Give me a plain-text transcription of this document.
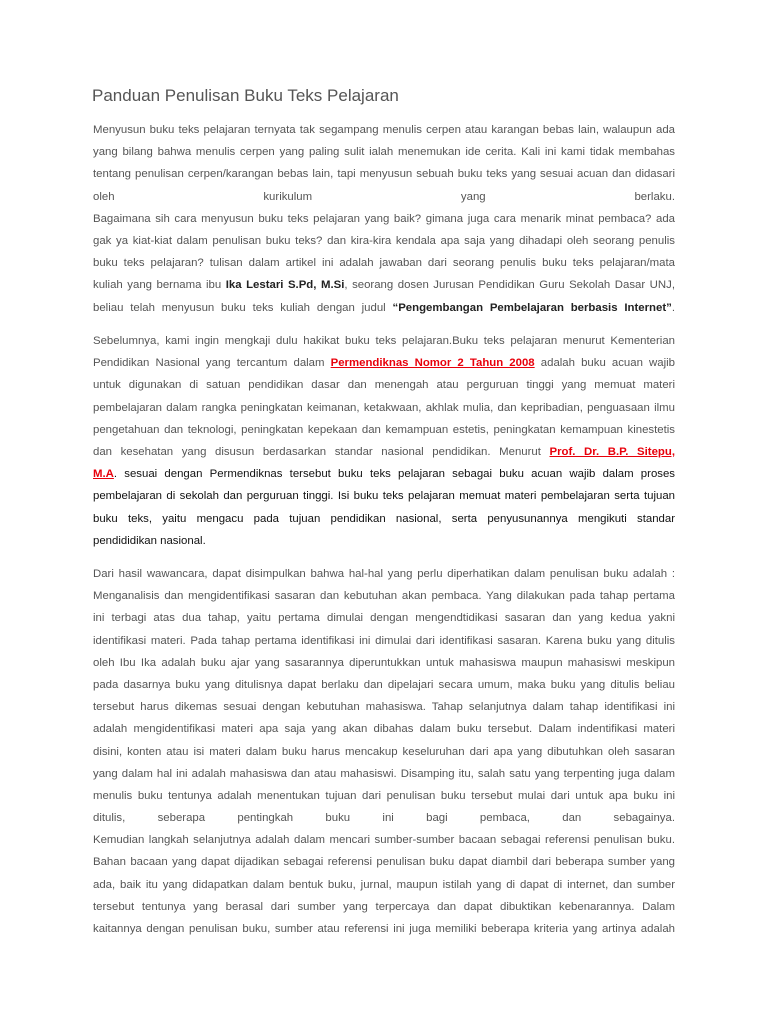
Panduan Penulisan Buku Teks Pelajaran
Menyusun buku teks pelajaran ternyata tak segampang menulis cerpen atau karangan bebas lain, walaupun ada
yang bilang bahwa menulis cerpen yang paling sulit ialah menemukan ide cerita. Kali ini kami tidak membahas
tentang penulisan cerpen/karangan bebas lain, tapi menyusun sebuah buku teks yang sesuai acuan dan didasari
oleh kurikulum yang berlaku.
Bagaimana sih cara menyusun buku teks pelajaran yang baik? gimana juga cara menarik minat pembaca? ada
gak ya kiat-kiat dalam penulisan buku teks? dan kira-kira kendala apa saja yang dihadapi oleh seorang penulis
buku teks pelajaran? tulisan dalam artikel ini adalah jawaban dari seorang penulis buku teks pelajaran/mata
kuliah yang bernama ibu Ika Lestari S.Pd, M.Si, seorang dosen Jurusan Pendidikan Guru Sekolah Dasar UNJ,
beliau telah menyusun buku teks kuliah dengan judul “Pengembangan Pembelajaran berbasis Internet”.
Sebelumnya, kami ingin mengkaji dulu hakikat buku teks pelajaran.Buku teks pelajaran menurut Kementerian
Pendidikan Nasional yang tercantum dalam Permendiknas Nomor 2 Tahun 2008 adalah buku acuan wajib
untuk digunakan di satuan pendidikan dasar dan menengah atau perguruan tinggi yang memuat materi
pembelajaran dalam rangka peningkatan keimanan, ketakwaan, akhlak mulia, dan kepribadian, penguasaan ilmu
pengetahuan dan teknologi, peningkatan kepekaan dan kemampuan estetis, peningkatan kemampuan kinestetis
dan kesehatan yang disusun berdasarkan standar nasional pendidikan. Menurut Prof. Dr. B.P. Sitepu,
M.A. sesuai dengan Permendiknas tersebut buku teks pelajaran sebagai buku acuan wajib dalam proses
pembelajaran di sekolah dan perguruan tinggi. Isi buku teks pelajaran memuat materi pembelajaran serta tujuan
buku teks, yaitu mengacu pada tujuan pendidikan nasional, serta penyusunannya mengikuti standar
pendididikan nasional.
Dari hasil wawancara, dapat disimpulkan bahwa hal-hal yang perlu diperhatikan dalam penulisan buku adalah :
Menganalisis dan mengidentifikasi sasaran dan kebutuhan akan pembaca. Yang dilakukan pada tahap pertama
ini terbagi atas dua tahap, yaitu pertama dimulai dengan mengendtidikasi sasaran dan yang kedua yakni
identifikasi materi. Pada tahap pertama identifikasi ini dimulai dari identifikasi sasaran. Karena buku yang ditulis
oleh Ibu Ika adalah buku ajar yang sasarannya diperuntukkan untuk mahasiswa maupun mahasiswi meskipun
pada dasarnya buku yang ditulisnya dapat berlaku dan dipelajari secara umum, maka buku yang ditulis beliau
tersebut harus dikemas sesuai dengan kebutuhan mahasiswa. Tahap selanjutnya dalam tahap identifikasi ini
adalah mengidentifikasi materi apa saja yang akan dibahas dalam buku tersebut. Dalam indentifikasi materi
disini, konten atau isi materi dalam buku harus mencakup keseluruhan dari apa yang dibutuhkan oleh sasaran
yang dalam hal ini adalah mahasiswa dan atau mahasiswi. Disamping itu, salah satu yang terpenting juga dalam
menulis buku tentunya adalah menentukan tujuan dari penulisan buku tersebut mulai dari untuk apa buku ini
ditulis, seberapa pentingkah buku ini bagi pembaca, dan sebagainya.
Kemudian langkah selanjutnya adalah dalam mencari sumber-sumber bacaan sebagai referensi penulisan buku.
Bahan bacaan yang dapat dijadikan sebagai referensi penulisan buku dapat diambil dari beberapa sumber yang
ada, baik itu yang didapatkan dalam bentuk buku, jurnal, maupun istilah yang di dapat di internet, dan sumber
tersebut tentunya yang berasal dari sumber yang terpercaya dan dapat dibuktikan kebenarannya. Dalam
kaitannya dengan penulisan buku, sumber atau referensi ini juga memiliki beberapa kriteria yang artinya adalah
